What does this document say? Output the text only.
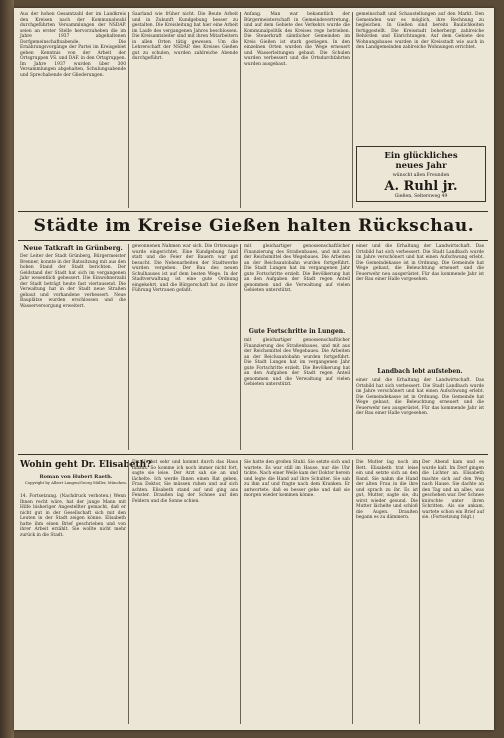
Aus der hohen Gesamtzahl der im Landkreis den Kreisen nach der Kommunalwahl durchgeführten Versammlungen der NSDAP. seien an erster Stelle hervorzuheben die im Jahre 1937 abgehaltenen Dorfgemeinschaftsabende. Die Ernährungsvorgänge der Partei im Kreisgebiet geben Kenntnis von der Arbeit der Ortsgruppen VS. und DAF. in den Ortsgruppen. Im Jahre 1937 wurden über 300 Versammlungen abgehalten, Schulungsabende und Sprechabende der Gliederungen.
Saarland wie früher nicht. Die Beute Arbeit und in Zukunft Kundgebung besser zu gestalten. Die Kreisleitung hat hier eine Arbeit im Laufe des vergangenen Jahres beschlossen. Die Kreisamtsleiter sind mit ihren Mitarbeitern in allen Orten tätig gewesen. Um die Lehrerschaft der NSDAP. des Kreises Gießen gut zu schulen, wurden zahlreiche Abende durchgeführt.
Anfang. Man war bekanntlich der Bürgermeisterschaft in Gemeindevertretung, und auf dem Gebiete des Verkehrs wurde die Kommunalpolitik des Kreises rege betrieben. Die Steuerkraft sämtlicher Gemeinden im Kreis Gießen ist stark gestiegen. In den einzelnen Orten wurden die Wege erneuert und Wasserleitungen gebaut. Die Schulen wurden verbessert und die Ortsdurchfahrten wurden ausgebaut.
gemeinschaft und Schaustellungen auf den Markt. Den Gemeinden war es möglich, ihre Rechnung zu begleichen. In Gießen sind bereits Baulichkeiten fertiggestellt. Die Kreisstadt beherbergt zahlreiche Behörden und Einrichtungen. Auf dem Gebiete des Wohnungsbaues wurden in der Kreisstadt wie auch in den Landgemeinden zahlreiche Wohnungen errichtet.
Ein glückliches
neues Jahr
wünscht allen Freunden
A. Ruhl jr.
Gießen, Seltersweg 49
Städte im Kreise Gießen halten Rückschau.
Neue Tatkraft in Grünberg.
Der Leiter der Stadt Grünberg, Bürgermeister Brenner, konnte in der Ratssitzung mit aus den hohen Stand der Stadt berichten. Der Geldstand der Stadt hat sich im vergangenen Jahr wesentlich gebessert. Die Einwohnerzahl der Stadt beträgt heute fast viertausend. Die Verwaltung hat in der Stadt neue Straßen gebaut und vorhandene verbessert. Neue Bauplätze wurden erschlossen und die Wasserversorgung erweitert.
gewonnenen Nahmen war sich. Die Ortswaage wurde eingerichtet. Eine Kundgebung fand statt und die Feier der Bauern war gut besucht. Die Nebenarbeiten der Stadtwerke wurden vergeben. Der Bau des neuen Schulhauses ist auf dem besten Wege. In der Stadtverwaltung ist eine gute Ordnung eingekehrt, und die Bürgerschaft hat zu ihrer Führung Vertrauen gefaßt.
mit gleichartiger genossenschaftlicher Finanzierung des Straßenbaues, und mit aus der Reichsmittel des Wegebaues. Die Arbeiten an der Reichsautobahn wurden fortgeführt. Die Stadt Lungen hat im vergangenen Jahr gute Fortschritte erzielt. Die Bevölkerung hat an den Aufgaben der Stadt regen Anteil genommen und die Verwaltung auf vielen Gebieten unterstützt.
Gute Fortschritte in Lungen.
mit gleichartiger genossenschaftlicher Finanzierung des Straßenbaues, und mit aus der Reichsmittel des Wegebaues. Die Arbeiten an der Reichsautobahn wurden fortgeführt. Die Stadt Lungen hat im vergangenen Jahr gute Fortschritte erzielt. Die Bevölkerung hat an den Aufgaben der Stadt regen Anteil genommen und die Verwaltung auf vielen Gebieten unterstützt.
einer und die Erhaltung der Landwirtschaft. Das Ortsbild hat sich verbessert. Die Stadt Landbach wurde im Jahre verschönert und hat einen Aufschwung erlebt. Die Gemeindekasse ist in Ordnung. Die Gemeinde hat Wege gebaut, die Beleuchtung erneuert und die Feuerwehr neu ausgerüstet. Für das kommende Jahr ist der Bau einer Halle vorgesehen.
Landbach lebt aufsteben.
einer und die Erhaltung der Landwirtschaft. Das Ortsbild hat sich verbessert. Die Stadt Landbach wurde im Jahre verschönert und hat einen Aufschwung erlebt. Die Gemeindekasse ist in Ordnung. Die Gemeinde hat Wege gebaut, die Beleuchtung erneuert und die Feuerwehr neu ausgerüstet. Für das kommende Jahr ist der Bau einer Halle vorgesehen.
Wohin geht Dr. Elisabeth?
Roman von Hubert Raeth.
Copyright by Albert Langen/Georg Müller, München.
14. Fortsetzung. (Nachdruck verboten.) Wenn Ihnen recht wäre, hat der junge Mann mit Hilfe bisheriger Angestellter gemacht, daß er nicht gut in der Gesellschaft sich mit den Leuten in der Stadt zeigen könne. Elisabeth hatte ihm einen Brief geschrieben und von ihrer Arbeit erzählt. Sie wollte nicht mehr zurück in die Stadt.
Ein Herbst sehr und kommt durch das Haus hinaus. So komme ich noch immer nicht fort, sagte sie leise. Der Arzt sah sie an und lächelte. Ich werde Ihnen einen Rat geben, Frau Doktor, Sie müssen ruhen und auf sich achten. Elisabeth stand auf und ging ans Fenster. Draußen lag der Schnee auf den Feldern und die Sonne schien.
Sie hatte den großen Stuhl. Sie setzte sich und wartete. Es war still im Hause, nur die Uhr tickte. Nach einer Weile kam der Doktor herein und legte die Hand auf ihre Schulter. Sie sah zu ihm auf und fragte nach dem Kranken. Er antwortete, daß es besser gehe und daß sie morgen wieder kommen könne.
Die Mutter lag noch im Bett. Elisabeth trat leise ein und setzte sich an den Rand. Sie nahm die Hand der alten Frau in die ihre und sprach zu ihr. Es ist gut, Mutter, sagte sie, du wirst wieder gesund. Die Mutter lächelte und schloß die Augen. Draußen begann es zu dämmern.
Der Abend kam und es wurde kalt. Im Dorf gingen die Lichter an. Elisabeth machte sich auf den Weg nach Hause. Sie dachte an den Tag und an alles, was geschehen war. Der Schnee knirschte unter ihren Schritten. Als sie ankam, wartete schon ein Brief auf sie. (Fortsetzung folgt.)
